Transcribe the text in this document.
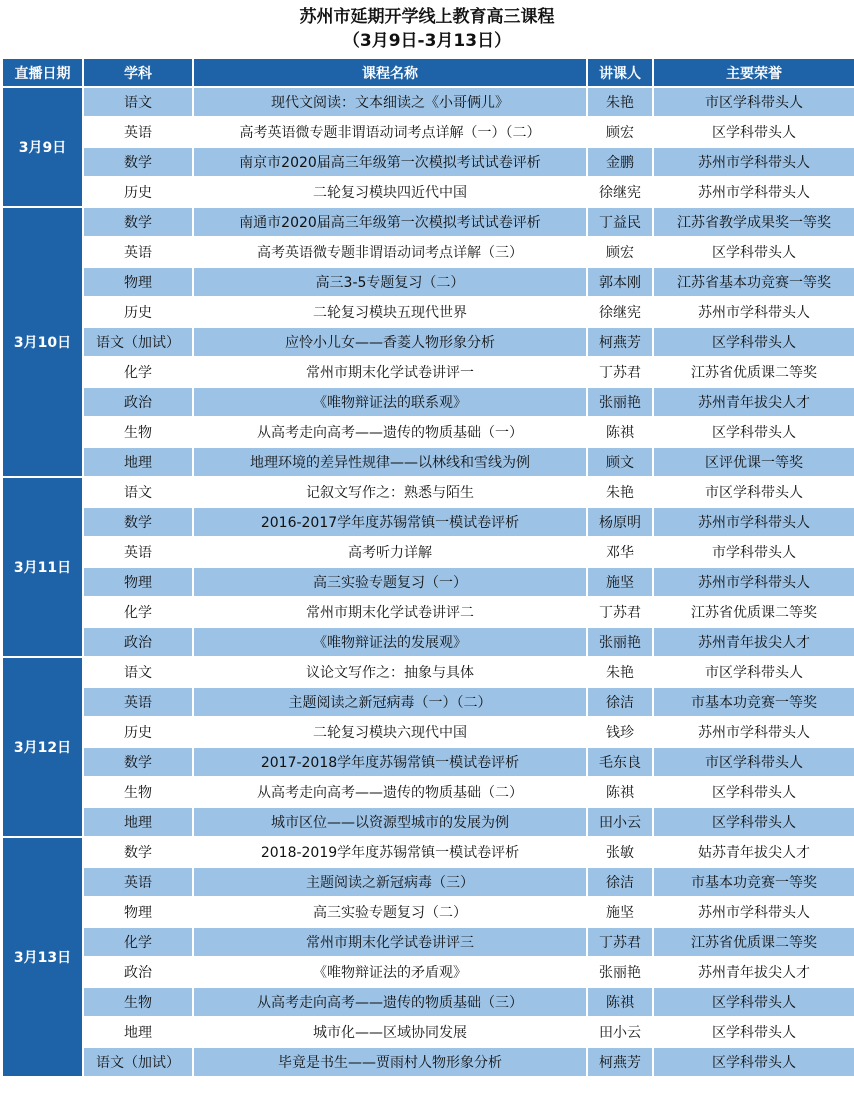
苏州市延期开学线上教育高三课程
（3月9日-3月13日）
直播日期	学科	课程名称	讲课人	主要荣誉
3月9日	语文	现代文阅读：文本细读之《小哥俩儿》	朱艳	市区学科带头人
	英语	高考英语微专题非谓语动词考点详解（一）（二）	顾宏	区学科带头人
	数学	南京市2020届高三年级第一次模拟考试试卷评析	金鹏	苏州市学科带头人
	历史	二轮复习模块四近代中国	徐继宪	苏州市学科带头人
3月10日	数学	南通市2020届高三年级第一次模拟考试试卷评析	丁益民	江苏省教学成果奖一等奖
	英语	高考英语微专题非谓语动词考点详解（三）	顾宏	区学科带头人
	物理	高三3-5专题复习（二）	郭本刚	江苏省基本功竞赛一等奖
	历史	二轮复习模块五现代世界	徐继宪	苏州市学科带头人
	语文（加试）	应怜小儿女——香菱人物形象分析	柯燕芳	区学科带头人
	化学	常州市期末化学试卷讲评一	丁苏君	江苏省优质课二等奖
	政治	《唯物辩证法的联系观》	张丽艳	苏州青年拔尖人才
	生物	从高考走向高考——遗传的物质基础（一）	陈祺	区学科带头人
	地理	地理环境的差异性规律——以林线和雪线为例	顾文	区评优课一等奖
3月11日	语文	记叙文写作之：熟悉与陌生	朱艳	市区学科带头人
	数学	2016-2017学年度苏锡常镇一模试卷评析	杨原明	苏州市学科带头人
	英语	高考听力详解	邓华	市学科带头人
	物理	高三实验专题复习（一）	施坚	苏州市学科带头人
	化学	常州市期末化学试卷讲评二	丁苏君	江苏省优质课二等奖
	政治	《唯物辩证法的发展观》	张丽艳	苏州青年拔尖人才
3月12日	语文	议论文写作之：抽象与具体	朱艳	市区学科带头人
	英语	主题阅读之新冠病毒（一）（二）	徐洁	市基本功竞赛一等奖
	历史	二轮复习模块六现代中国	钱珍	苏州市学科带头人
	数学	2017-2018学年度苏锡常镇一模试卷评析	毛东良	市区学科带头人
	生物	从高考走向高考——遗传的物质基础（二）	陈祺	区学科带头人
	地理	城市区位——以资源型城市的发展为例	田小云	区学科带头人
3月13日	数学	2018-2019学年度苏锡常镇一模试卷评析	张敏	姑苏青年拔尖人才
	英语	主题阅读之新冠病毒（三）	徐洁	市基本功竞赛一等奖
	物理	高三实验专题复习（二）	施坚	苏州市学科带头人
	化学	常州市期末化学试卷讲评三	丁苏君	江苏省优质课二等奖
	政治	《唯物辩证法的矛盾观》	张丽艳	苏州青年拔尖人才
	生物	从高考走向高考——遗传的物质基础（三）	陈祺	区学科带头人
	地理	城市化——区域协同发展	田小云	区学科带头人
	语文（加试）	毕竟是书生——贾雨村人物形象分析	柯燕芳	区学科带头人
